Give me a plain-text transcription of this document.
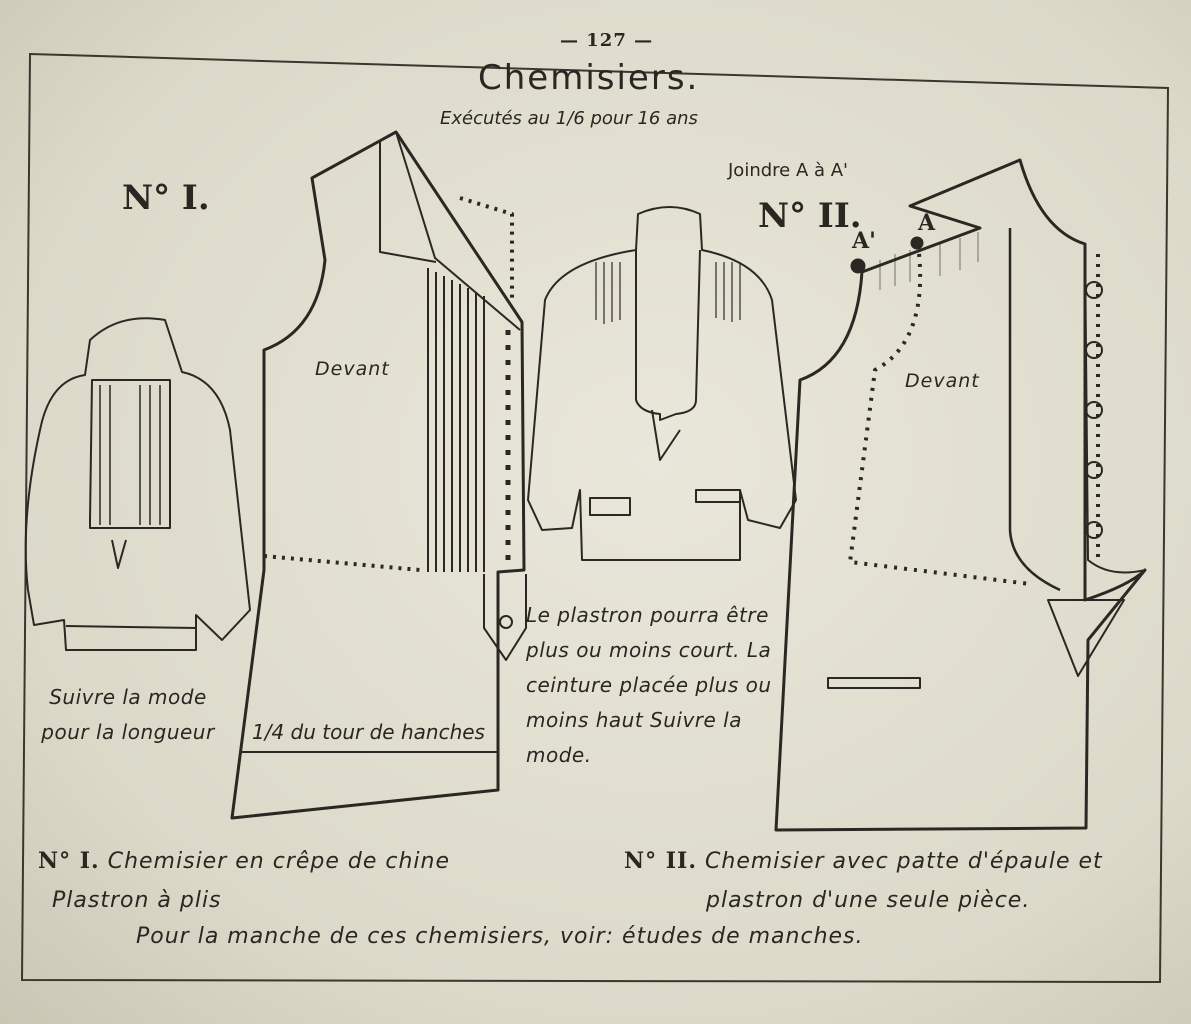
— 127 —
Chemisiers.
Exécutés au 1/6 pour 16 ans
Joindre A à A'
N° I.	N° II.
Devant
Devant
A
A'
Suivre la mode pour la longueur 1/4 du tour de hanches
Le plastron pourra être plus ou moins court. La ceinture placée plus ou moins haut Suivre la mode.
N° I. Chemisier en crêpe de chine
Plastron à plis
N° II. Chemisier avec patte d'épaule et
plastron d'une seule pièce.
Pour la manche de ces chemisiers, voir: études de manches.
